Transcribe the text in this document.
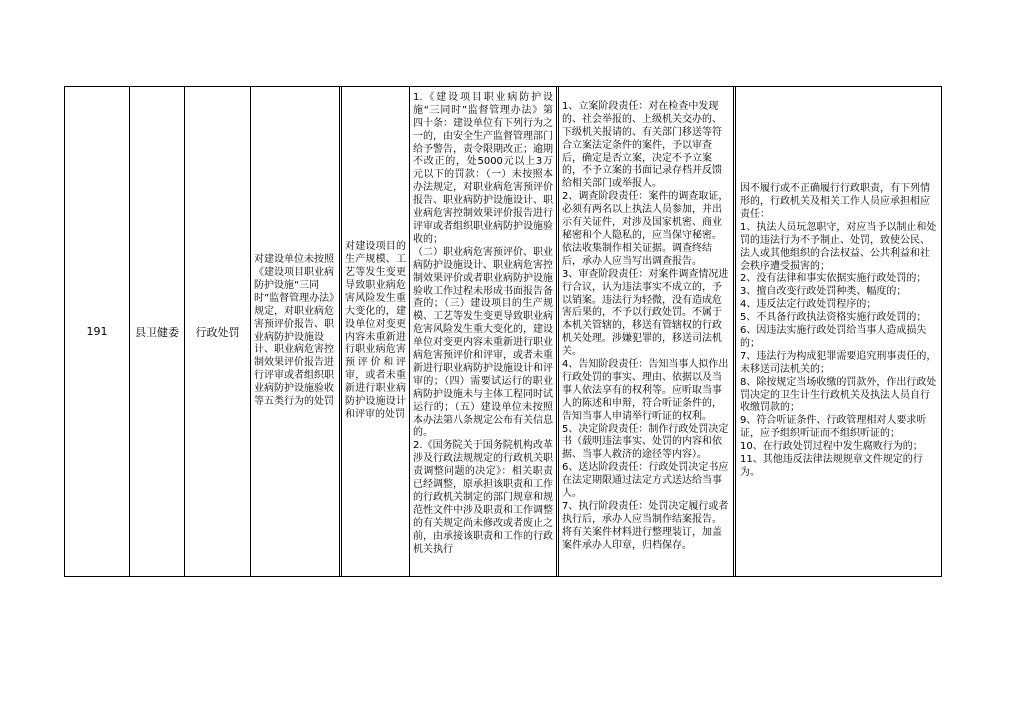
191	县卫健委 行政处罚
对建设单位未按照《建设项目职业病防护设施“三同时”监督管理办法》规定，对职业病危害预评价报告、职业病防护设施设计、职业病危害控制效果评价报告进行评审或者组织职业病防护设施验收等五类行为的处罚
对建设项目的生产规模、工艺等发生变更导致职业病危害风险发生重大变化的，建设单位对变更内容未重新进行职业病危害预评价和评审，或者未重新进行职业病防护设施设计和评审的处罚

1.《建设项目职业病防护设施“三同时”监督管理办法》第四十条：建设单位有下列行为之一的，由安全生产监督管理部门给予警告，责令限期改正；逾期不改正的，处5000元以上3万元以下的罚款：（一）未按照本办法规定，对职业病危害预评价报告、职业病防护设施设计、职业病危害控制效果评价报告进行评审或者组织职业病防护设施验收的；
（二）职业病危害预评价、职业病防护设施设计、职业病危害控制效果评价或者职业病防护设施验收工作过程未形成书面报告备查的；（三）建设项目的生产规模、工艺等发生变更导致职业病危害风险发生重大变化的，建设单位对变更内容未重新进行职业病危害预评价和评审，或者未重新进行职业病防护设施设计和评审的；（四）需要试运行的职业病防护设施未与主体工程同时试运行的；（五）建设单位未按照本办法第八条规定公布有关信息的。
2.《国务院关于国务院机构改革涉及行政法规规定的行政机关职责调整问题的决定》：相关职责已经调整，原承担该职责和工作的行政机关制定的部门规章和规范性文件中涉及职责和工作调整的有关规定尚未修改或者废止之前，由承接该职责和工作的行政机关执行

1、立案阶段责任：对在检查中发现的、社会举报的、上级机关交办的、下级机关报请的、有关部门移送等符合立案法定条件的案件，予以审查后，确定是否立案，决定不予立案的，不予立案的书面记录存档并反馈给相关部门或举报人。
2、调查阶段责任：案件的调查取证，必须有两名以上执法人员参加，并出示有关证件，对涉及国家机密、商业秘密和个人隐私的，应当保守秘密。依法收集制作相关证据。调查终结后，承办人应当写出调查报告。
3、审查阶段责任：对案件调查情况进行合议，认为违法事实不成立的，予以销案。违法行为轻微，没有造成危害后果的，不予以行政处罚。不属于本机关管辖的，移送有管辖权的行政机关处理。涉嫌犯罪的，移送司法机关。
4、告知阶段责任：告知当事人拟作出行政处罚的事实、理由、依据以及当事人依法享有的权利等。应听取当事人的陈述和申辩，符合听证条件的，告知当事人申请举行听证的权利。
5、决定阶段责任：制作行政处罚决定书（载明违法事实、处罚的内容和依据、当事人救济的途径等内容）。
6、送达阶段责任：行政处罚决定书应在法定期限通过法定方式送达给当事人。
7、执行阶段责任：处罚决定履行或者执行后，承办人应当制作结案报告。将有关案件材料进行整理装订，加盖案件承办人印章，归档保存。

因不履行或不正确履行行政职责，有下列情形的，行政机关及相关工作人员应承担相应责任：
1、执法人员玩忽职守，对应当予以制止和处罚的违法行为不予制止、处罚，致使公民、法人或其他组织的合法权益、公共利益和社会秩序遭受损害的；
2、没有法律和事实依据实施行政处罚的；
3、擅自改变行政处罚种类、幅度的；
4、违反法定行政处罚程序的；
5、不具备行政执法资格实施行政处罚的；
6、因违法实施行政处罚给当事人造成损失的；
7、违法行为构成犯罪需要追究刑事责任的，未移送司法机关的；
8、除按规定当场收缴的罚款外，作出行政处罚决定的卫生计生行政机关及执法人员自行收缴罚款的；
9、符合听证条件、行政管理相对人要求听证，应予组织听证而不组织听证的；
10、在行政处罚过程中发生腐败行为的；
11、其他违反法律法规规章文件规定的行为。
